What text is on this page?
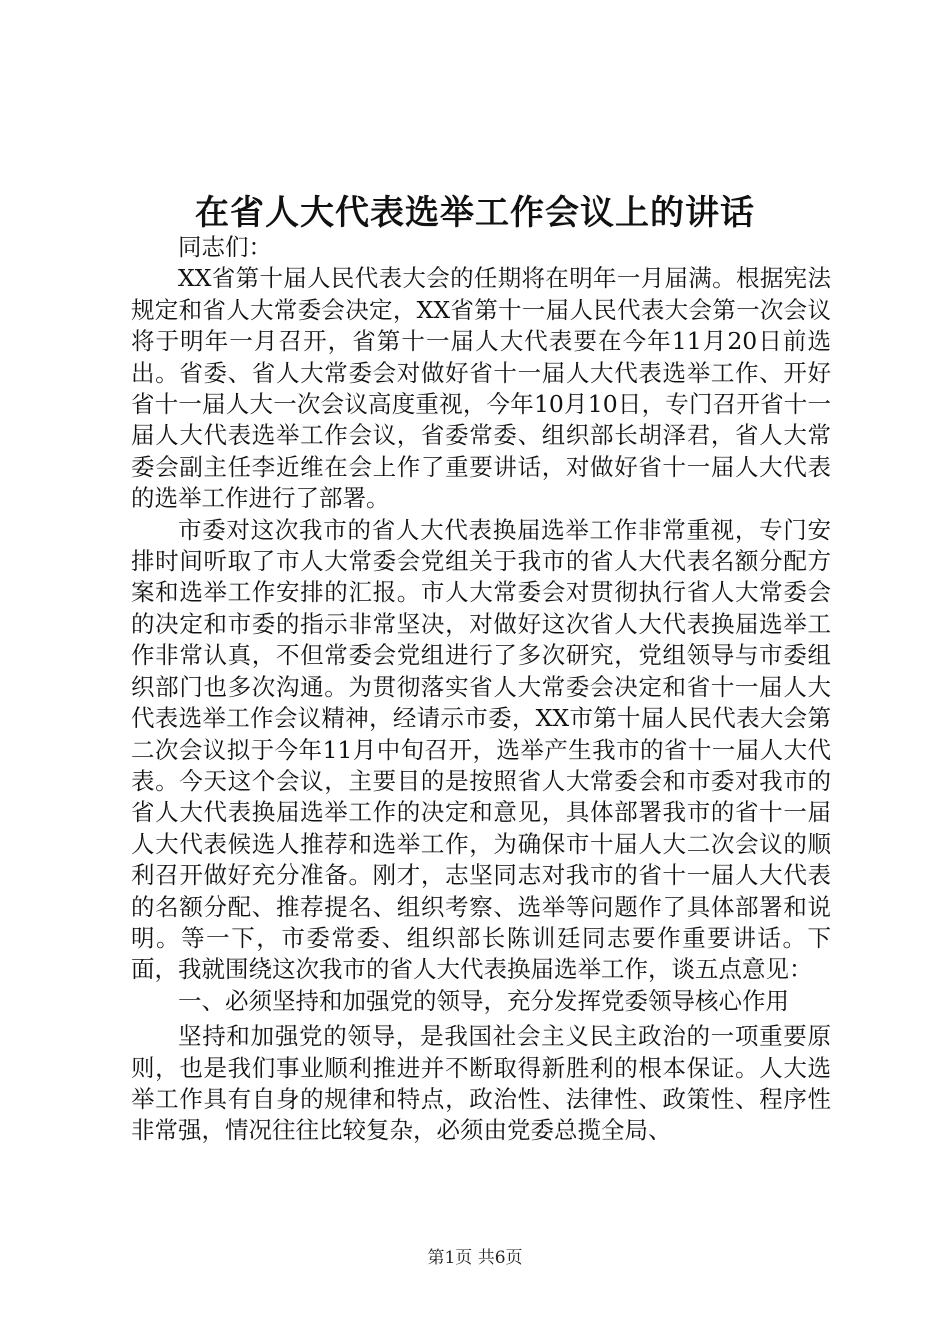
在省人大代表选举工作会议上的讲话

同志们：

XX省第十届人民代表大会的任期将在明年一月届满。根据宪法规定和省人大常委会决定，XX省第十一届人民代表大会第一次会议将于明年一月召开，省第十一届人大代表要在今年11月20日前选出。省委、省人大常委会对做好省十一届人大代表选举工作、开好省十一届人大一次会议高度重视，今年10月10日，专门召开省十一届人大代表选举工作会议，省委常委、组织部长胡泽君，省人大常委会副主任李近维在会上作了重要讲话，对做好省十一届人大代表的选举工作进行了部署。

市委对这次我市的省人大代表换届选举工作非常重视，专门安排时间听取了市人大常委会党组关于我市的省人大代表名额分配方案和选举工作安排的汇报。市人大常委会对贯彻执行省人大常委会的决定和市委的指示非常坚决，对做好这次省人大代表换届选举工作非常认真，不但常委会党组进行了多次研究，党组领导与市委组织部门也多次沟通。为贯彻落实省人大常委会决定和省十一届人大代表选举工作会议精神，经请示市委，XX市第十届人民代表大会第二次会议拟于今年11月中旬召开，选举产生我市的省十一届人大代表。今天这个会议，主要目的是按照省人大常委会和市委对我市的省人大代表换届选举工作的决定和意见，具体部署我市的省十一届人大代表候选人推荐和选举工作，为确保市十届人大二次会议的顺利召开做好充分准备。刚才，志坚同志对我市的省十一届人大代表的名额分配、推荐提名、组织考察、选举等问题作了具体部署和说明。等一下，市委常委、组织部长陈训廷同志要作重要讲话。下面，我就围绕这次我市的省人大代表换届选举工作，谈五点意见：

一、必须坚持和加强党的领导，充分发挥党委领导核心作用

坚持和加强党的领导，是我国社会主义民主政治的一项重要原则，也是我们事业顺利推进并不断取得新胜利的根本保证。人大选举工作具有自身的规律和特点，政治性、法律性、政策性、程序性非常强，情况往往比较复杂，必须由党委总揽全局、

第1页 共6页
